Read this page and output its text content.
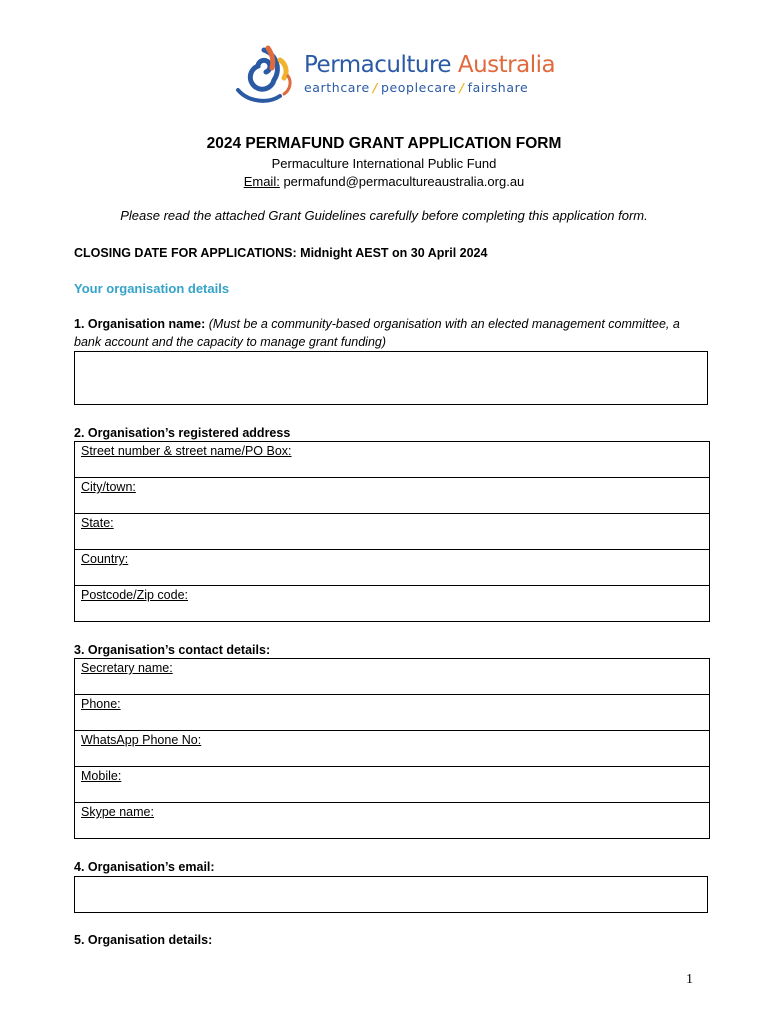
Permaculture Australia
earthcare / peoplecare / fairshare
2024 PERMAFUND GRANT APPLICATION FORM
Permaculture International Public Fund
Email: permafund@permacultureaustralia.org.au
Please read the attached Grant Guidelines carefully before completing this application form.
CLOSING DATE FOR APPLICATIONS: Midnight AEST on 30 April 2024
Your organisation details
1. Organisation name: (Must be a community-based organisation with an elected management committee, a bank account and the capacity to manage grant funding)
2. Organisation’s registered address
Street number & street name/PO Box:
City/town:
State:
Country:
Postcode/Zip code:
3. Organisation’s contact details:
Secretary name:
Phone:
WhatsApp Phone No:
Mobile:
Skype name:
4. Organisation’s email:
5. Organisation details:
1
